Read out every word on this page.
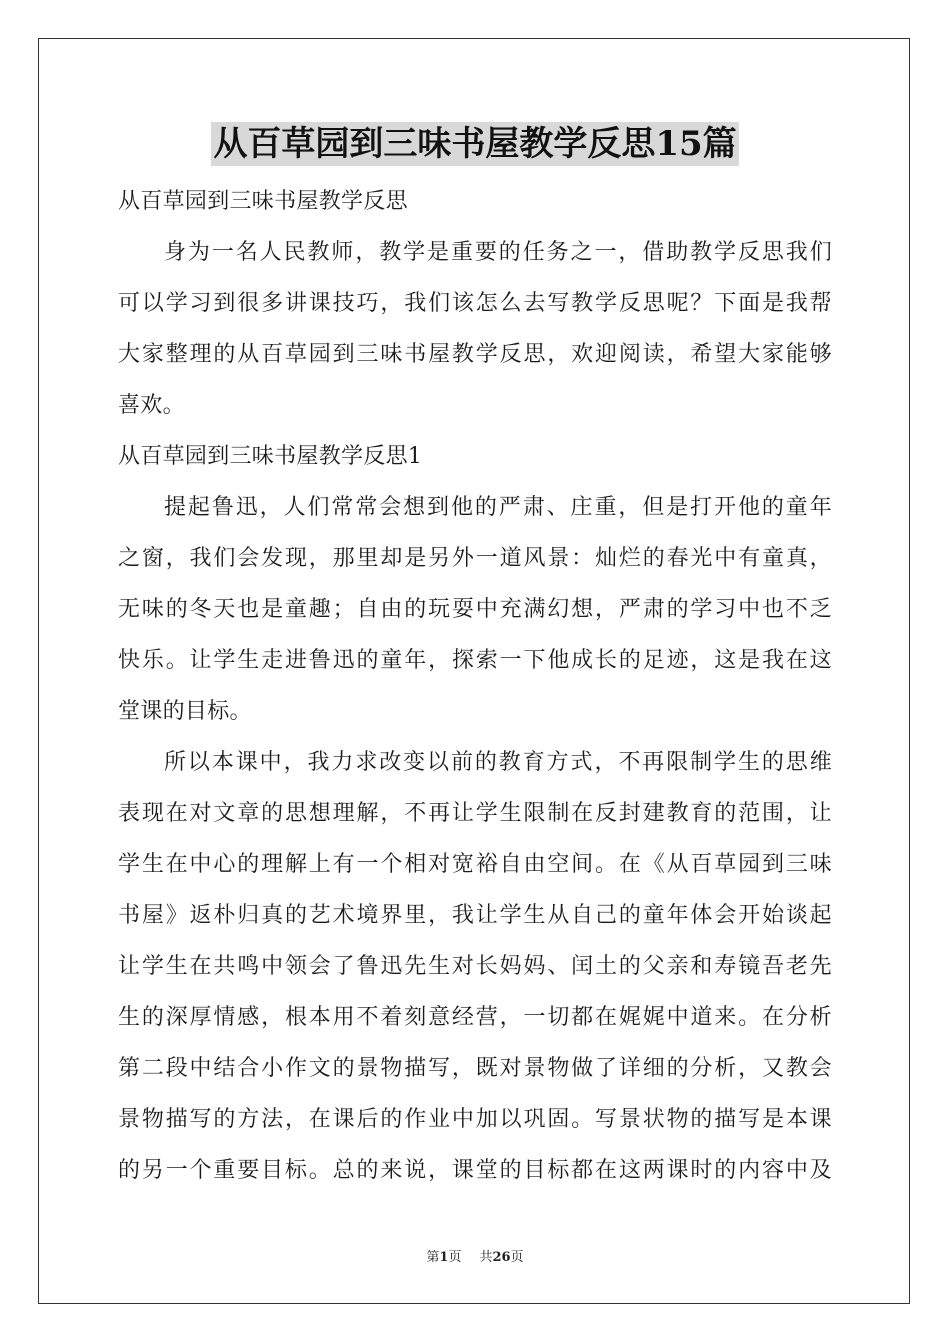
从百草园到三味书屋教学反思15篇
从百草园到三味书屋教学反思
身为一名人民教师，教学是重要的任务之一，借助教学反思我们
可以学习到很多讲课技巧，我们该怎么去写教学反思呢？下面是我帮
大家整理的从百草园到三味书屋教学反思，欢迎阅读，希望大家能够
喜欢。
从百草园到三味书屋教学反思1
提起鲁迅，人们常常会想到他的严肃、庄重，但是打开他的童年
之窗，我们会发现，那里却是另外一道风景：灿烂的春光中有童真，
无味的冬天也是童趣；自由的玩耍中充满幻想，严肃的学习中也不乏
快乐。让学生走进鲁迅的童年，探索一下他成长的足迹，这是我在这
堂课的目标。
所以本课中，我力求改变以前的教育方式，不再限制学生的思维
表现在对文章的思想理解，不再让学生限制在反封建教育的范围，让
学生在中心的理解上有一个相对宽裕自由空间。在《从百草园到三味
书屋》返朴归真的艺术境界里，我让学生从自己的童年体会开始谈起
让学生在共鸣中领会了鲁迅先生对长妈妈、闰土的父亲和寿镜吾老先
生的深厚情感，根本用不着刻意经营，一切都在娓娓中道来。在分析
第二段中结合小作文的景物描写，既对景物做了详细的分析，又教会
景物描写的方法，在课后的作业中加以巩固。写景状物的描写是本课
的另一个重要目标。总的来说，课堂的目标都在这两课时的内容中及
第1页 共26页
